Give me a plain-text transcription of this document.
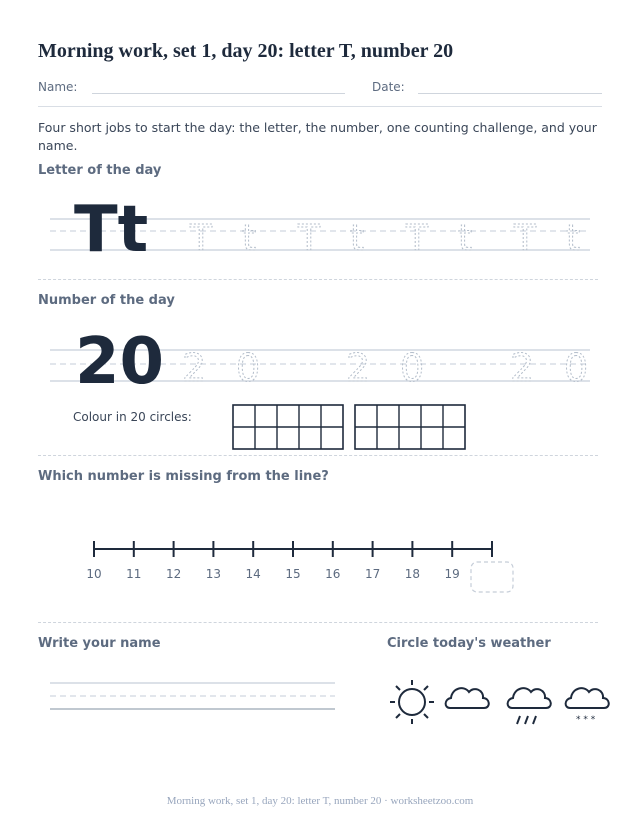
Morning work, set 1, day 20: letter T, number 20
Name:	Date:
Four short jobs to start the day: the letter, the number, one counting challenge, and your name.
Letter of the day
Tt T t T t T t T t
Number of the day
20 2 0 2 0 2 0
Colour in 20 circles:
Which number is missing from the line?
10 11 12 13 14 15 16 17 18 19
Write your name	Circle today's weather
* * *
Morning work, set 1, day 20: letter T, number 20 · worksheetzoo.com
